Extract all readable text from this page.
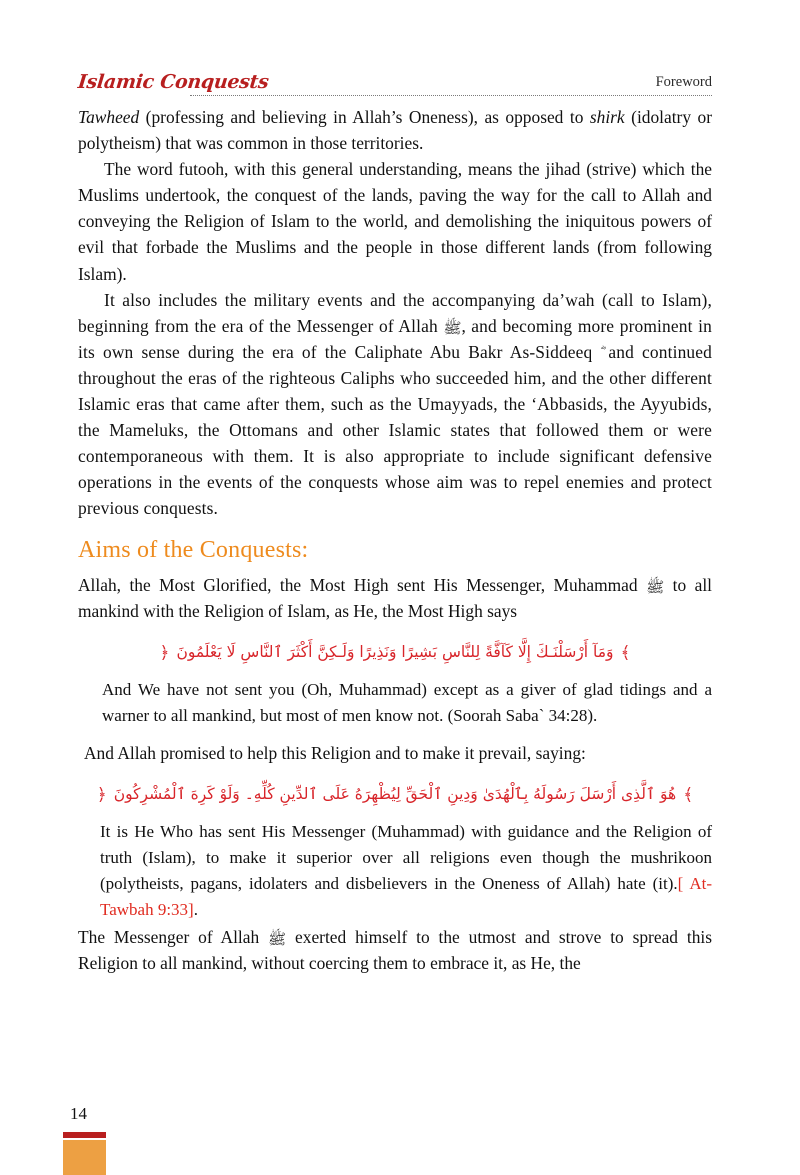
Islamic Conquests	Foreword

Tawheed (professing and believing in Allah’s Oneness), as opposed to shirk (idolatry or polytheism) that was common in those territories.

The word futooh, with this general understanding, means the jihad (strive) which the Muslims undertook, the conquest of the lands, paving the way for the call to Allah and conveying the Religion of Islam to the world, and demolishing the iniquitous powers of evil that forbade the Muslims and the people in those different lands (from following Islam).

It also includes the military events and the accompanying da’wah (call to Islam), beginning from the era of the Messenger of Allah ﷺ, and becoming more prominent in its own sense during the era of the Caliphate Abu Bakr As-Siddeeq and continued throughout the eras of the righteous Caliphs who succeeded him, and the other different Islamic eras that came after them, such as the Umayyads, the ‘Abbasids, the Ayyubids, the Mameluks, the Ottomans and other Islamic states that followed them or were contemporaneous with them. It is also appropriate to include significant defensive operations in the events of the conquests whose aim was to repel enemies and protect previous conquests.

Aims of the Conquests:

Allah, the Most Glorified, the Most High sent His Messenger, Muhammad ﷺ to all mankind with the Religion of Islam, as He, the Most High says

﴾وَمَآ أَرْسَلْنَـكَ إِلَّا كَآفَّةً لِلنَّاسِ بَشِيرًا وَنَذِيرًا وَلَـكِنَّ أَكْثَرَ ٱلنَّاسِ لَا يَعْلَمُونَ﴿

And We have not sent you (Oh, Muhammad) except as a giver of glad tidings and a warner to all mankind, but most of men know not. (Soorah Saba` 34:28).

And Allah promised to help this Religion and to make it prevail, saying:

﴾هُوَ ٱلَّذِى أَرْسَلَ رَسُولَهُ بِٱلْهُدَىٰ وَدِينِ ٱلْحَقِّ لِيُظْهِرَهُ عَلَى ٱلدِّينِ كُلِّهِ۔ وَلَوْ كَرِهَ ٱلْمُشْرِكُونَ﴿

It is He Who has sent His Messenger (Muhammad) with guidance and the Religion of truth (Islam), to make it superior over all religions even though the mushrikoon (polytheists, pagans, idolaters and disbelievers in the Oneness of Allah) hate (it).[ At-Tawbah 9:33].

The Messenger of Allah ﷺ exerted himself to the utmost and strove to spread this Religion to all mankind, without coercing them to embrace it, as He, the

14
